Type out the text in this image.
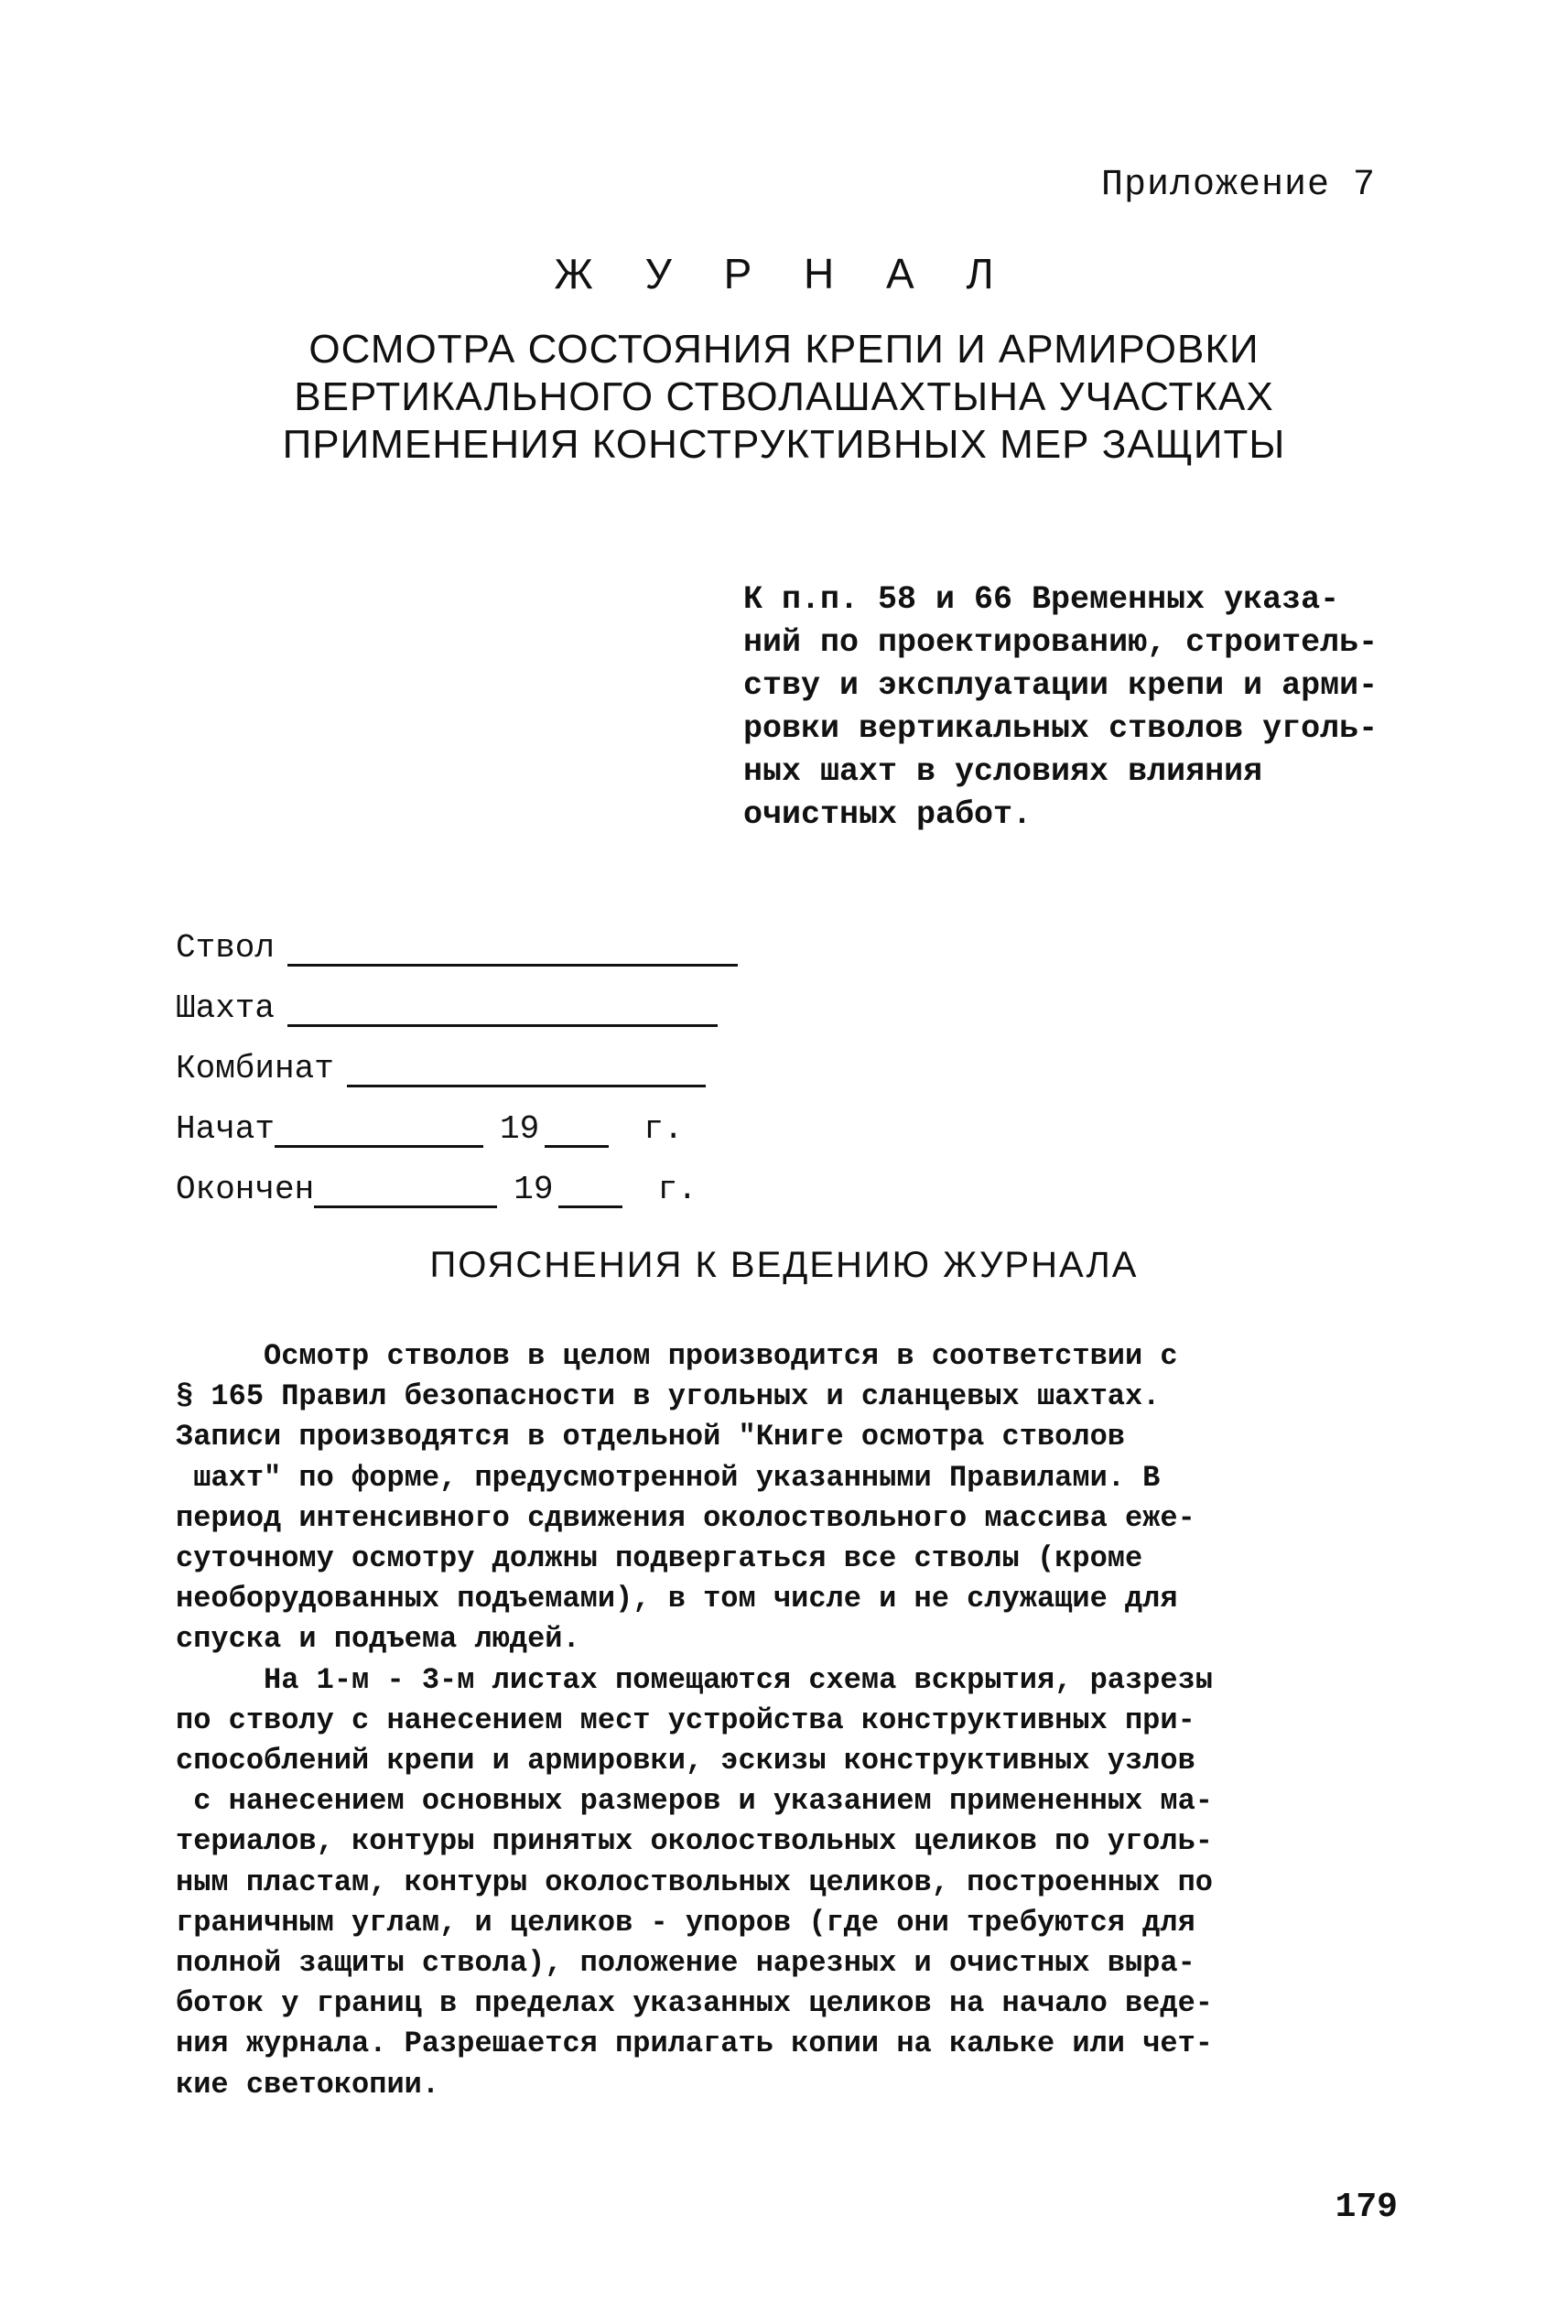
Приложение 7
Ж У Р Н А Л
ОСМОТРА СОСТОЯНИЯ КРЕПИ И АРМИРОВКИ
ВЕРТИКАЛЬНОГО СТВОЛАШАХТЫНА УЧАСТКАХ
ПРИМЕНЕНИЯ КОНСТРУКТИВНЫХ МЕР ЗАЩИТЫ
К п.п. 58 и 66 Временных указа-
ний по проектированию, строитель-
ству и эксплуатации крепи и арми-
ровки вертикальных стволов уголь-
ных шахт в условиях влияния
очистных работ.
Ствол
Шахта
Комбинат
Начат	19	г.
Окончен	19	г.
ПОЯСНЕНИЯ К ВЕДЕНИЮ ЖУРНАЛА
Осмотр стволов в целом производится в соответствии с
§ 165 Правил безопасности в угольных и сланцевых шахтах.
Записи производятся в отдельной "Книге осмотра стволов
шахт" по форме, предусмотренной указанными Правилами. В
период интенсивного сдвижения околоствольного массива еже-
суточному осмотру должны подвергаться все стволы (кроме
необорудованных подъемами), в том числе и не служащие для
спуска и подъема людей.
На 1-м - 3-м листах помещаются схема вскрытия, разрезы
по стволу с нанесением мест устройства конструктивных при-
способлений крепи и армировки, эскизы конструктивных узлов
с нанесением основных размеров и указанием примененных ма-
териалов, контуры принятых околоствольных целиков по уголь-
ным пластам, контуры околоствольных целиков, построенных по
граничным углам, и целиков - упоров (где они требуются для
полной защиты ствола), положение нарезных и очистных выра-
боток у границ в пределах указанных целиков на начало веде-
ния журнала. Разрешается прилагать копии на кальке или чет-
кие светокопии.
179
